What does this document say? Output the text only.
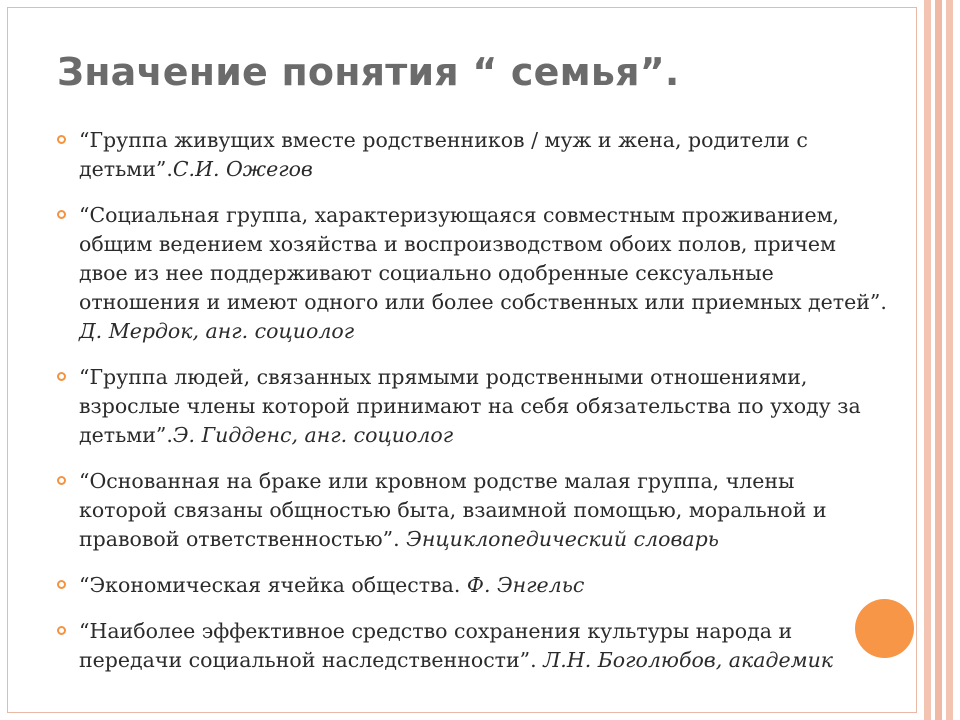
Значение понятия “ семья”.
“Группа живущих вместе родственников / муж и жена, родители с детьми”.С.И. Ожегов
“Социальная группа, характеризующаяся совместным проживанием, общим ведением хозяйства и воспроизводством обоих полов, причем двое из нее поддерживают социально одобренные сексуальные отношения и имеют одного или более собственных или приемных детей”. Д. Мердок, анг. социолог
“Группа людей, связанных прямыми родственными отношениями, взрослые члены которой принимают на себя обязательства по уходу за детьми”.Э. Гидденс, анг. социолог
“Основанная на браке или кровном родстве малая группа, члены которой связаны общностью быта, взаимной помощью, моральной и правовой ответственностью”. Энциклопедический словарь
“Экономическая ячейка общества. Ф. Энгельс
“Наиболее эффективное средство сохранения культуры народа и передачи социальной наследственности”. Л.Н. Боголюбов, академик
